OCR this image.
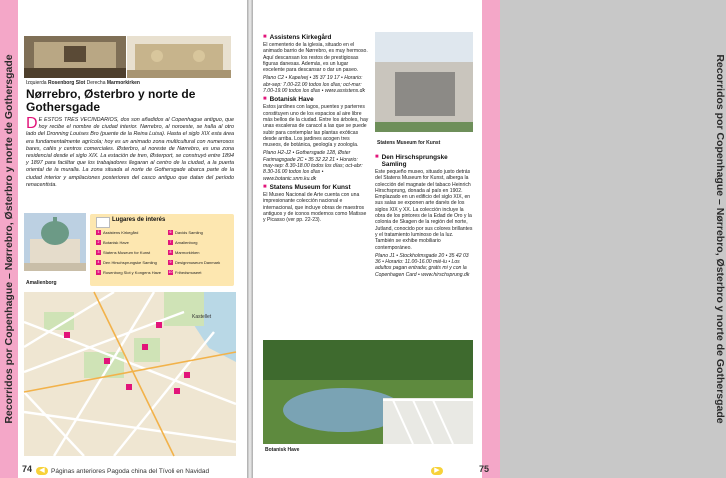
Recorridos por Copenhague – Nørrebro, Østerbro y norte de Gothersgade Izquierda Rosenborg Slot Derecha Marmorkirken
Nørrebro, Østerbro y norte de Gothersgade
D E ESTOS TRES VECINDARIOS, dos son añadidos al Copenhague antiguo, que hoy recibe el nombre de ciudad interior. Nørrebro, al noroeste, se halla al otro lado del Dronning Louises Bro (puente de la Reina Luisa). Hasta el siglo XIX esta área era fundamentalmente agrícola; hoy es un animado zona multicultural con numerosos bares, cafés y centros comerciales. Østerbro, al noreste de Nørrebro, es una zona residencial desde el siglo XIX. La estación de tren, Østerport, se construyó entre 1894 y 1897 para facilitar que los trabajadores llegaran al centro de la ciudad, a la puerta oriental de la muralla. La zona situada al norte de Gothersgade abarca parte de la ciudad interior y ampliaciones posteriores del casco antiguo que datan del período renacentista.
Amalienborg
Lugares de interés
1 Assistens Kirkegård
2 Botanisk Have
3 Statens Museum for Kunst
4 Den Hirschsprungske Samling
5 Rosenborg Slot y Kongens Have
6 Davids Samling
7 Amalienborg
8 Marmorkirken
9 Designmuseum Danmark
10 Frihedsmuseet
Kastellet
◀ Páginas anteriores Pagoda china del Tívoli en Navidad
74
Recorridos por Copenhague – Nørrebro, Østerbro y norte de Gothersgade
■ Assistens Kirkegård

El cementerio de la iglesia, situado en el animado barrio de Nørrebro, es muy hermoso. Aquí descansan los restos de prestigiosas figuras danesas. Además, es un lugar excelente para descansar o dar un paseo.

Plano C2 • Kapelvej • 35 37 19 17 • Horario: abr-sep: 7.00-22.00 todos los días; oct-mar: 7.00-19.00 todos los días • www.assistens.dk

■ Botanisk Have

Estos jardines con lagos, puentes y parterres constituyen uno de los espacios al aire libre más bellos de la ciudad. Entre los árboles, hay unas escaleras de caracol a las que se puede subir para contemplar las plantas exóticas desde arriba. Los jardines acogen tres museos, de botánica, geología y zoología.

Plano H2-J2 • Gothersgade 128, Øster Farimagsgade 2C • 35 32 22 21 • Horario: may-sep: 8.30-18.00 todos los días; oct-abr: 8.30-16.00 todos los días • www.botanic.snm.ku.dk

■ Statens Museum for Kunst

El Museo Nacional de Arte cuenta con una impresionante colección nacional e internacional, que incluye obras de maestros antiguos y de iconos modernos como Matisse y Picasso (ver pp. 22-23).

Statens Museum for Kunst
■ Den Hirschsprungske Samling

Este pequeño museo, situado justo detrás del Statens Museum for Kunst, alberga la colección del magnate del tabaco Heinrich Hirschsprung, donada al país en 1902. Emplazado en un edificio del siglo XIX, en sus salas se exponen arte danés de los siglos XIX y XX. La colección incluye la obra de los pintores de la Edad de Oro y la colonia de Skagen de la región del norte, Jutland, conocido por sus colores brillantes y el tratamiento luminoso de la luz. También se exhibe mobiliario contemporáneo.

Plano J1 • Stockholmsgade 20 • 35 42 03 36 • Horario: 11.00-16.00 mié-lu • Los adultos pagan entrada; gratis mi y con la Copenhagen Card • www.hirschsprung.dk

Botanisk Have
▶	75
